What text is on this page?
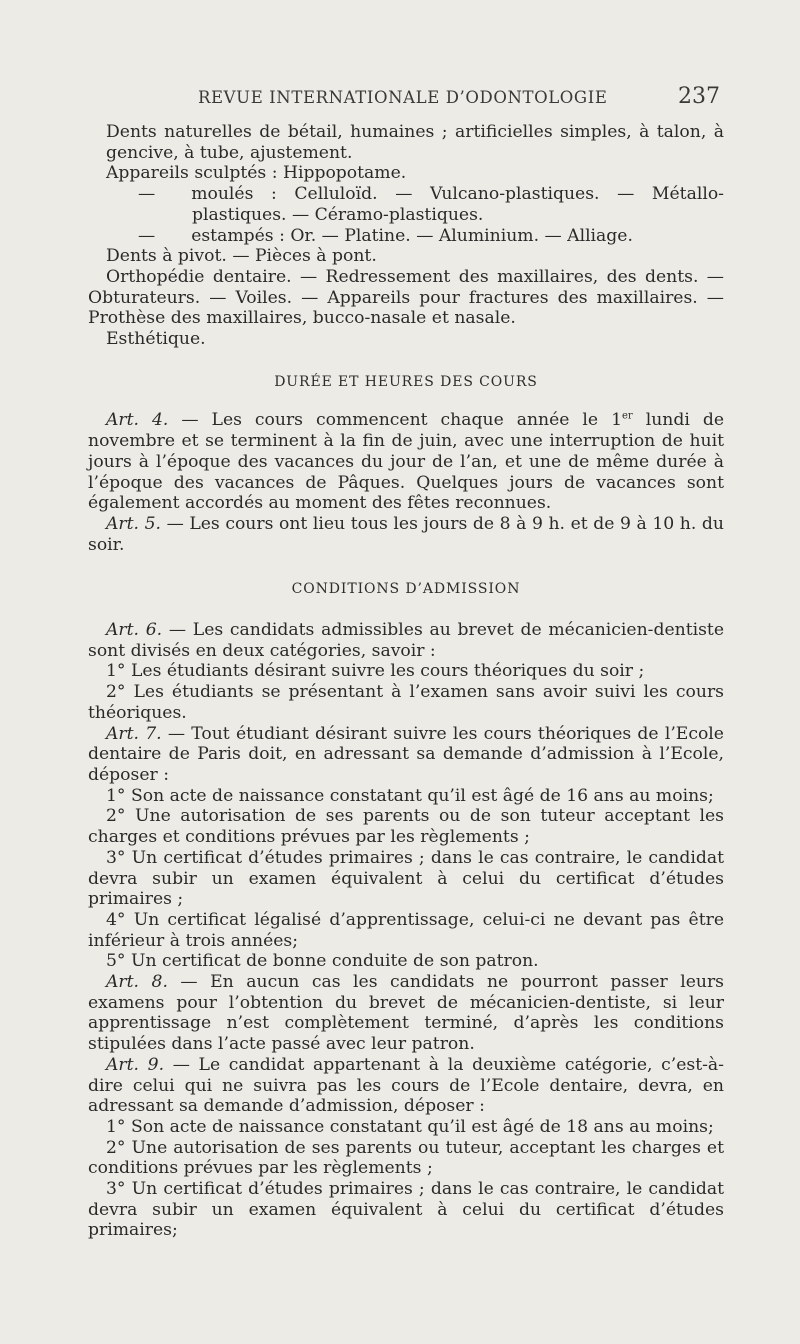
REVUE INTERNATIONALE D’ODONTOLOGIE	237

Dents naturelles de bétail, humaines ; artificielles simples, à talon, à gencive, à tube, ajustement.

Appareils sculptés : Hippopotame.

— moulés : Celluloïd. — Vulcano-plastiques. — Métallo-plastiques. — Céramo-plastiques.

— estampés : Or. — Platine. — Aluminium. — Alliage.

Dents à pivot. — Pièces à pont.

Orthopédie dentaire. — Redressement des maxillaires, des dents. — Obturateurs. — Voiles. — Appareils pour fractures des maxillaires. — Prothèse des maxillaires, bucco-nasale et nasale.

Esthétique.

DURÉE ET HEURES DES COURS

Art. 4. — Les cours commencent chaque année le 1er lundi de novembre et se terminent à la fin de juin, avec une interruption de huit jours à l’époque des vacances du jour de l’an, et une de même durée à l’époque des vacances de Pâques. Quelques jours de vacances sont également accordés au moment des fêtes reconnues.

Art. 5. — Les cours ont lieu tous les jours de 8 à 9 h. et de 9 à 10 h. du soir.

CONDITIONS D’ADMISSION

Art. 6. — Les candidats admissibles au brevet de mécanicien-dentiste sont divisés en deux catégories, savoir :

1° Les étudiants désirant suivre les cours théoriques du soir ;

2° Les étudiants se présentant à l’examen sans avoir suivi les cours théoriques.

Art. 7. — Tout étudiant désirant suivre les cours théoriques de l’Ecole dentaire de Paris doit, en adressant sa demande d’admission à l’Ecole, déposer :

1° Son acte de naissance constatant qu’il est âgé de 16 ans au moins;

2° Une autorisation de ses parents ou de son tuteur acceptant les charges et conditions prévues par les règlements ;

3° Un certificat d’études primaires ; dans le cas contraire, le candidat devra subir un examen équivalent à celui du certificat d’études primaires ;

4° Un certificat légalisé d’apprentissage, celui-ci ne devant pas être inférieur à trois années;

5° Un certificat de bonne conduite de son patron.

Art. 8. — En aucun cas les candidats ne pourront passer leurs examens pour l’obtention du brevet de mécanicien-dentiste, si leur apprentissage n’est complètement terminé, d’après les conditions stipulées dans l’acte passé avec leur patron.

Art. 9. — Le candidat appartenant à la deuxième catégorie, c’est-à-dire celui qui ne suivra pas les cours de l’Ecole dentaire, devra, en adressant sa demande d’admission, déposer :

1° Son acte de naissance constatant qu’il est âgé de 18 ans au moins;

2° Une autorisation de ses parents ou tuteur, acceptant les charges et conditions prévues par les règlements ;

3° Un certificat d’études primaires ; dans le cas contraire, le candidat devra subir un examen équivalent à celui du certificat d’études primaires;
